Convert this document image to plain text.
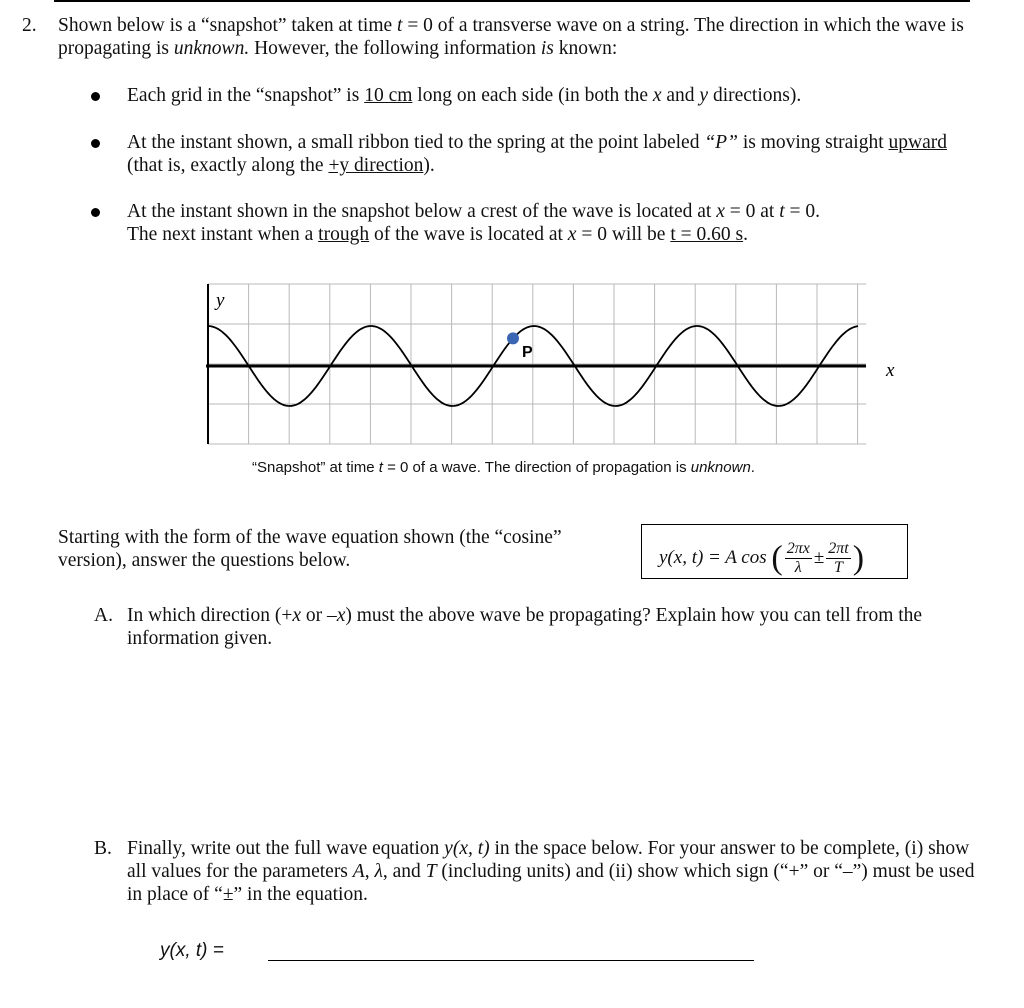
2. Shown below is a “snapshot” taken at time t = 0 of a transverse wave on a string. The direction in which the wave is propagating is unknown. However, the following information is known:
Each grid in the “snapshot” is 10 cm long on each side (in both the x and y directions).
At the instant shown, a small ribbon tied to the spring at the point labeled “P” is moving straight upward (that is, exactly along the +y direction).
At the instant shown in the snapshot below a crest of the wave is located at x = 0 at t = 0.
The next instant when a trough of the wave is located at x = 0 will be t = 0.60 s.
y
x
P
“Snapshot” at time t = 0 of a wave. The direction of propagation is unknown.
Starting with the form of the wave equation shown (the “cosine” version), answer the questions below.	y(x, t) = A cos ( $\frac{2\pi x}{\lambda} \pm \frac{2\pi t}{T}$ )
A. In which direction (+x or –x) must the above wave be propagating? Explain how you can tell from the information given.
B. Finally, write out the full wave equation y(x, t) in the space below. For your answer to be complete, (i) show all values for the parameters A, λ, and T (including units) and (ii) show which sign (“+” or “–”) must be used in place of “±” in the equation.
y(x, t) =
